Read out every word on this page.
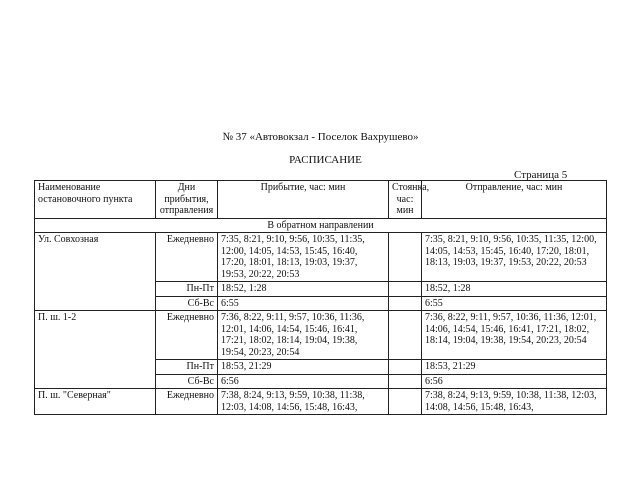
№ 37 «Автовокзал - Поселок Вахрушево»
РАСПИСАНИЕ
Страница 5
Наименование остановочного пункта	Дни прибытия, отправления	Прибытие, час: мин	Стоянка, час: мин	Отправление, час: мин
В обратном направлении				
Ул. Совхозная	Ежедневно	7:35, 8:21, 9:10, 9:56, 10:35, 11:35, 12:00, 14:05, 14:53, 15:45, 16:40, 17:20, 18:01, 18:13, 19:03, 19:37, 19:53, 20:22, 20:53		7:35, 8:21, 9:10, 9:56, 10:35, 11:35, 12:00, 14:05, 14:53, 15:45, 16:40, 17:20, 18:01, 18:13, 19:03, 19:37, 19:53, 20:22, 20:53
	Пн-Пт	18:52, 1:28		18:52, 1:28
	Сб-Вс	6:55		6:55
П. ш. 1-2	Ежедневно	7:36, 8:22, 9:11, 9:57, 10:36, 11:36, 12:01, 14:06, 14:54, 15:46, 16:41, 17:21, 18:02, 18:14, 19:04, 19:38, 19:54, 20:23, 20:54		7:36, 8:22, 9:11, 9:57, 10:36, 11:36, 12:01, 14:06, 14:54, 15:46, 16:41, 17:21, 18:02, 18:14, 19:04, 19:38, 19:54, 20:23, 20:54
	Пн-Пт	18:53, 21:29		18:53, 21:29
	Сб-Вс	6:56		6:56
П. ш. "Северная"	Ежедневно	7:38, 8:24, 9:13, 9:59, 10:38, 11:38, 12:03, 14:08, 14:56, 15:48, 16:43,		7:38, 8:24, 9:13, 9:59, 10:38, 11:38, 12:03, 14:08, 14:56, 15:48, 16:43,
